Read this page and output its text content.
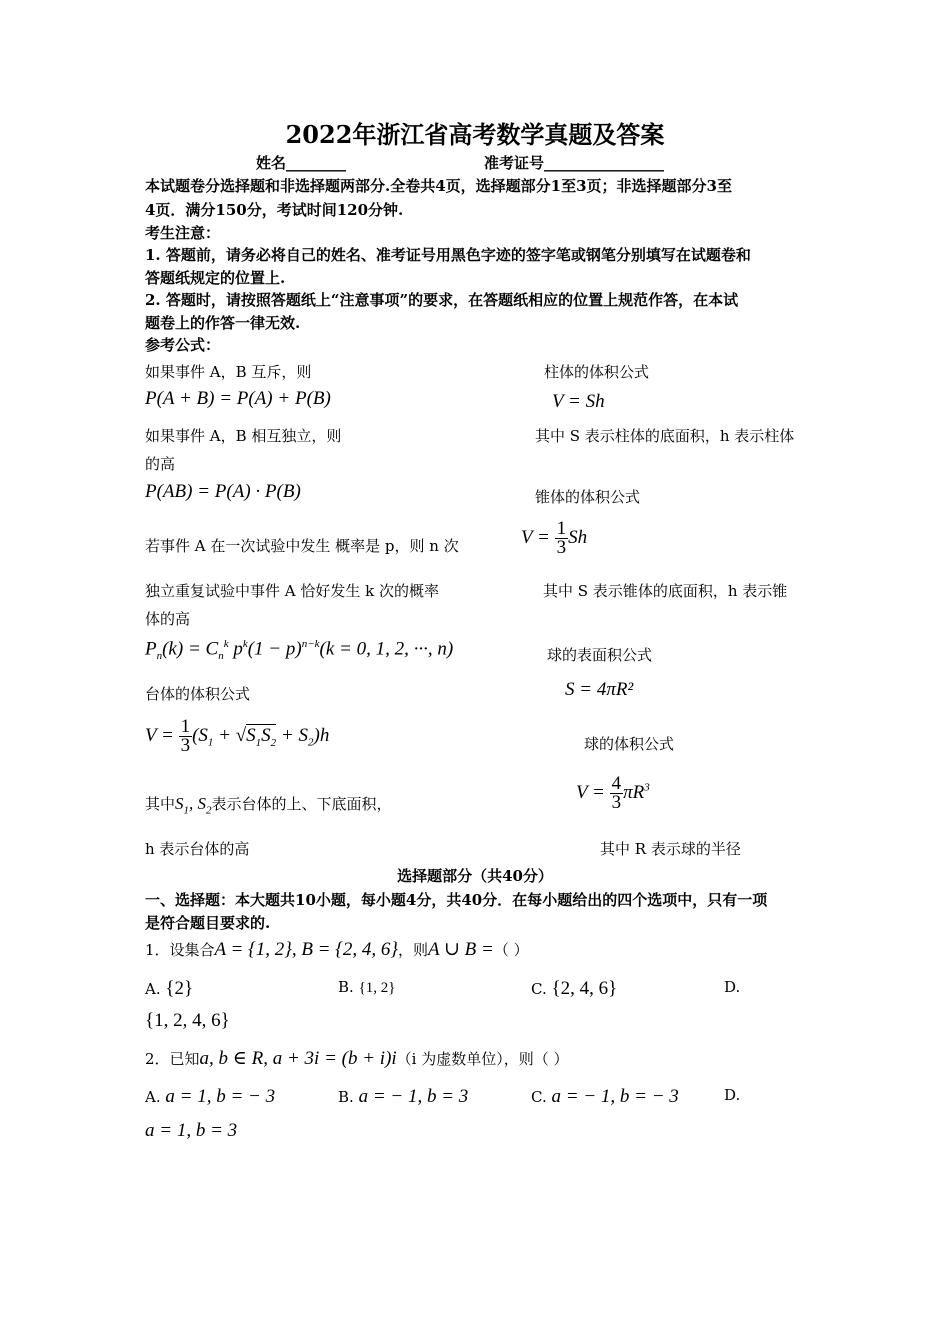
2022年浙江省高考数学真题及答案
姓名________	准考证号________________
本试题卷分选择题和非选择题两部分.全卷共4页，选择题部分1至3页；非选择题部分3至
4页．满分150分，考试时间120分钟.
考生注意：
1. 答题前，请务必将自己的姓名、准考证号用黑色字迹的签字笔或钢笔分别填写在试题卷和
答题纸规定的位置上.
2. 答题时，请按照答题纸上“注意事项”的要求，在答题纸相应的位置上规范作答，在本试
题卷上的作答一律无效.
参考公式：
如果事件 A，B 互斥，则
P(A + B) = P(A) + P(B)
如果事件 A，B 相互独立，则
P(AB) = P(A) · P(B)
若事件 A 在一次试验中发生 概率是 p，则 n 次
独立重复试验中事件 A 恰好发生 k 次的概率
$P_n(k) = C_n^k$ $p^k(1 - p)^{n-k}(k = 0$, 1, 2, ···, n)
台体的体积公式
$V = \frac{1}{3} (S_1 + √S_1S_2 + S_2)h$
其中$S_1$, $S_2$表示台体的上、下底面积，
h 表示台体的高
柱体的体积公式
V = Sh
其中 S 表示柱体的底面积，h 表示柱体
的高
锥体的体积公式
$V = \frac{1}{3}$ Sh
其中 S 表示锥体的底面积，h 表示锥
体的高
球的表面积公式
S = 4πR²
球的体积公式
$V = \frac{4}{3} \pi R^3$
其中 R 表示球的半径
选择题部分（共40分）
一、选择题：本大题共10小题，每小题4分，共40分．在每小题给出的四个选项中，只有一项
是符合题目要求的.
1．设集合A = {1, 2}, B = {2, 4, 6}，则A ∪ B =（ ）
A. {2}	B. {1, 2}	C. {2, 4, 6}	D.
{1, 2, 4, 6}
2．已知a, b ∈ R, a + 3i = (b + i)i（i 为虚数单位），则（ ）
A. a = 1, b = − 3	B. a = − 1, b = 3	C. a = − 1, b = − 3	D.
a = 1, b = 3
